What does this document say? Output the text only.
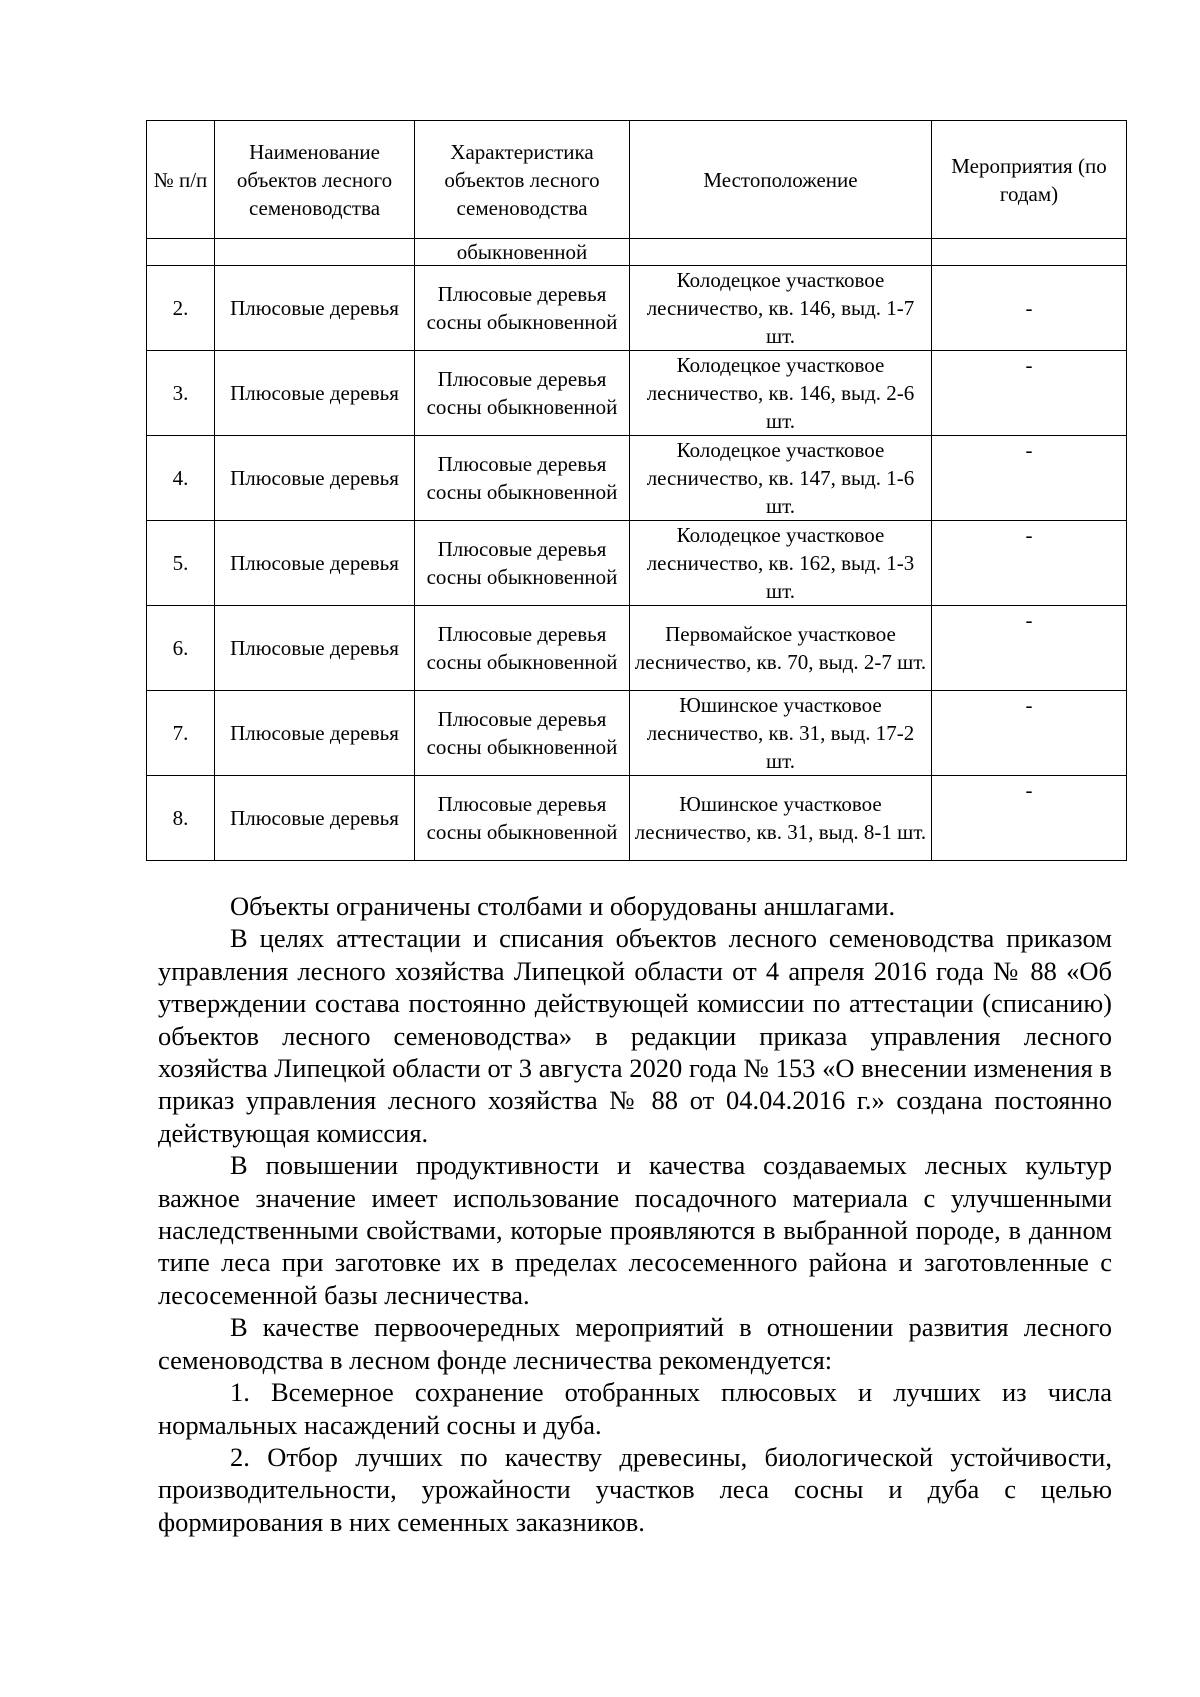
№ п/п	Наименование объектов лесного семеноводства	Характеристика объектов лесного семеноводства	Местоположение	Мероприятия (по годам)
		обыкновенной		
2.	Плюсовые деревья	Плюсовые деревья сосны обыкновенной	Колодецкое участковое лесничество, кв. 146, выд. 1-7 шт.	-
3.	Плюсовые деревья	Плюсовые деревья сосны обыкновенной	Колодецкое участковое лесничество, кв. 146, выд. 2-6 шт.	-
4.	Плюсовые деревья	Плюсовые деревья сосны обыкновенной	Колодецкое участковое лесничество, кв. 147, выд. 1-6 шт.	-
5.	Плюсовые деревья	Плюсовые деревья сосны обыкновенной	Колодецкое участковое лесничество, кв. 162, выд. 1-3 шт.	-
6.	Плюсовые деревья	Плюсовые деревья сосны обыкновенной	Первомайское участковое лесничество, кв. 70, выд. 2-7 шт.	-
7.	Плюсовые деревья	Плюсовые деревья сосны обыкновенной	Юшинское участковое лесничество, кв. 31, выд. 17-2 шт.	-
8.	Плюсовые деревья	Плюсовые деревья сосны обыкновенной	Юшинское участковое лесничество, кв. 31, выд. 8-1 шт.	-

Объекты ограничены столбами и оборудованы аншлагами.

В целях аттестации и списания объектов лесного семеноводства приказом управления лесного хозяйства Липецкой области от 4 апреля 2016 года № 88 «Об утверждении состава постоянно действующей комиссии по аттестации (списанию) объектов лесного семеноводства» в редакции приказа управления лесного хозяйства Липецкой области от 3 августа 2020 года № 153 «О внесении изменения в приказ управления лесного хозяйства № 88 от 04.04.2016 г.» создана постоянно действующая комиссия.

В повышении продуктивности и качества создаваемых лесных культур важное значение имеет использование посадочного материала с улучшенными наследственными свойствами, которые проявляются в выбранной породе, в данном типе леса при заготовке их в пределах лесосеменного района и заготовленные с лесосеменной базы лесничества.

В качестве первоочередных мероприятий в отношении развития лесного семеноводства в лесном фонде лесничества рекомендуется:

1. Всемерное сохранение отобранных плюсовых и лучших из числа нормальных насаждений сосны и дуба.

2. Отбор лучших по качеству древесины, биологической устойчивости, производительности, урожайности участков леса сосны и дуба с целью формирования в них семенных заказников.
